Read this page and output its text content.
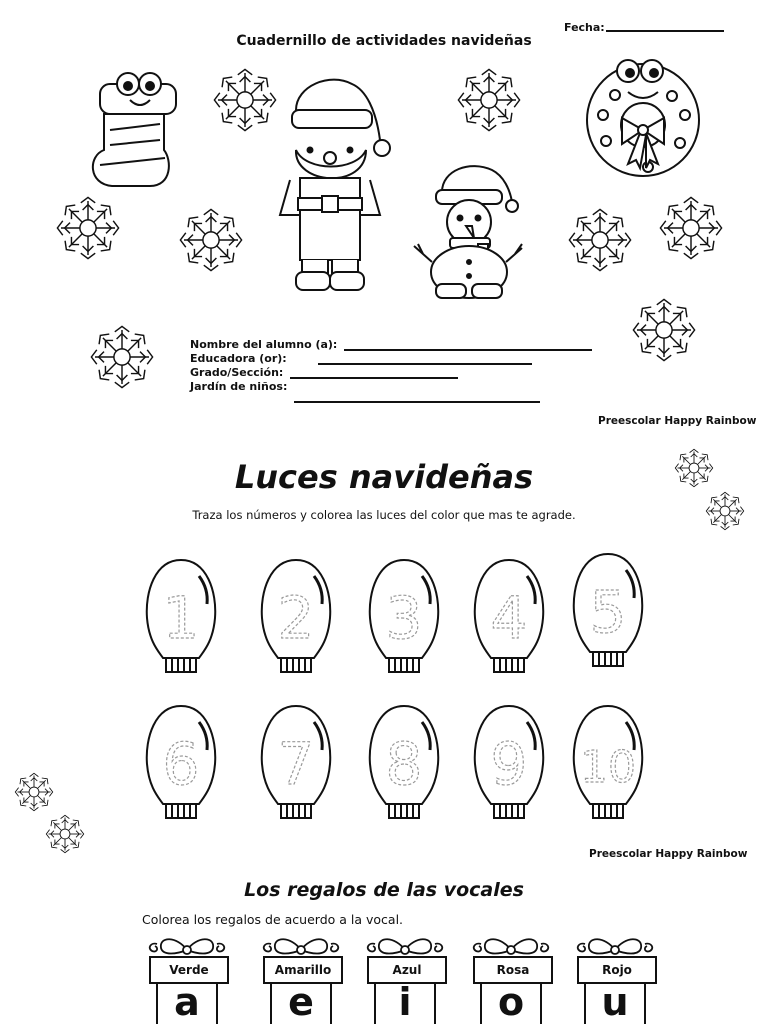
1 2 3 4 5
6 7 8 9 10
Fecha:
Cuadernillo de actividades navideñas
Nombre del alumno (a):
Educadora (or):
Grado/Sección:
Jardín de niños:
Preescolar Happy Rainbow
Luces navideñas
Traza los números y colorea las luces del color que mas te agrade.
Preescolar Happy Rainbow
Los regalos de las vocales
Colorea los regalos de acuerdo a la vocal.
Verde	Amarillo	Azul	Rosa	Rojo
a	e	i	o	u
